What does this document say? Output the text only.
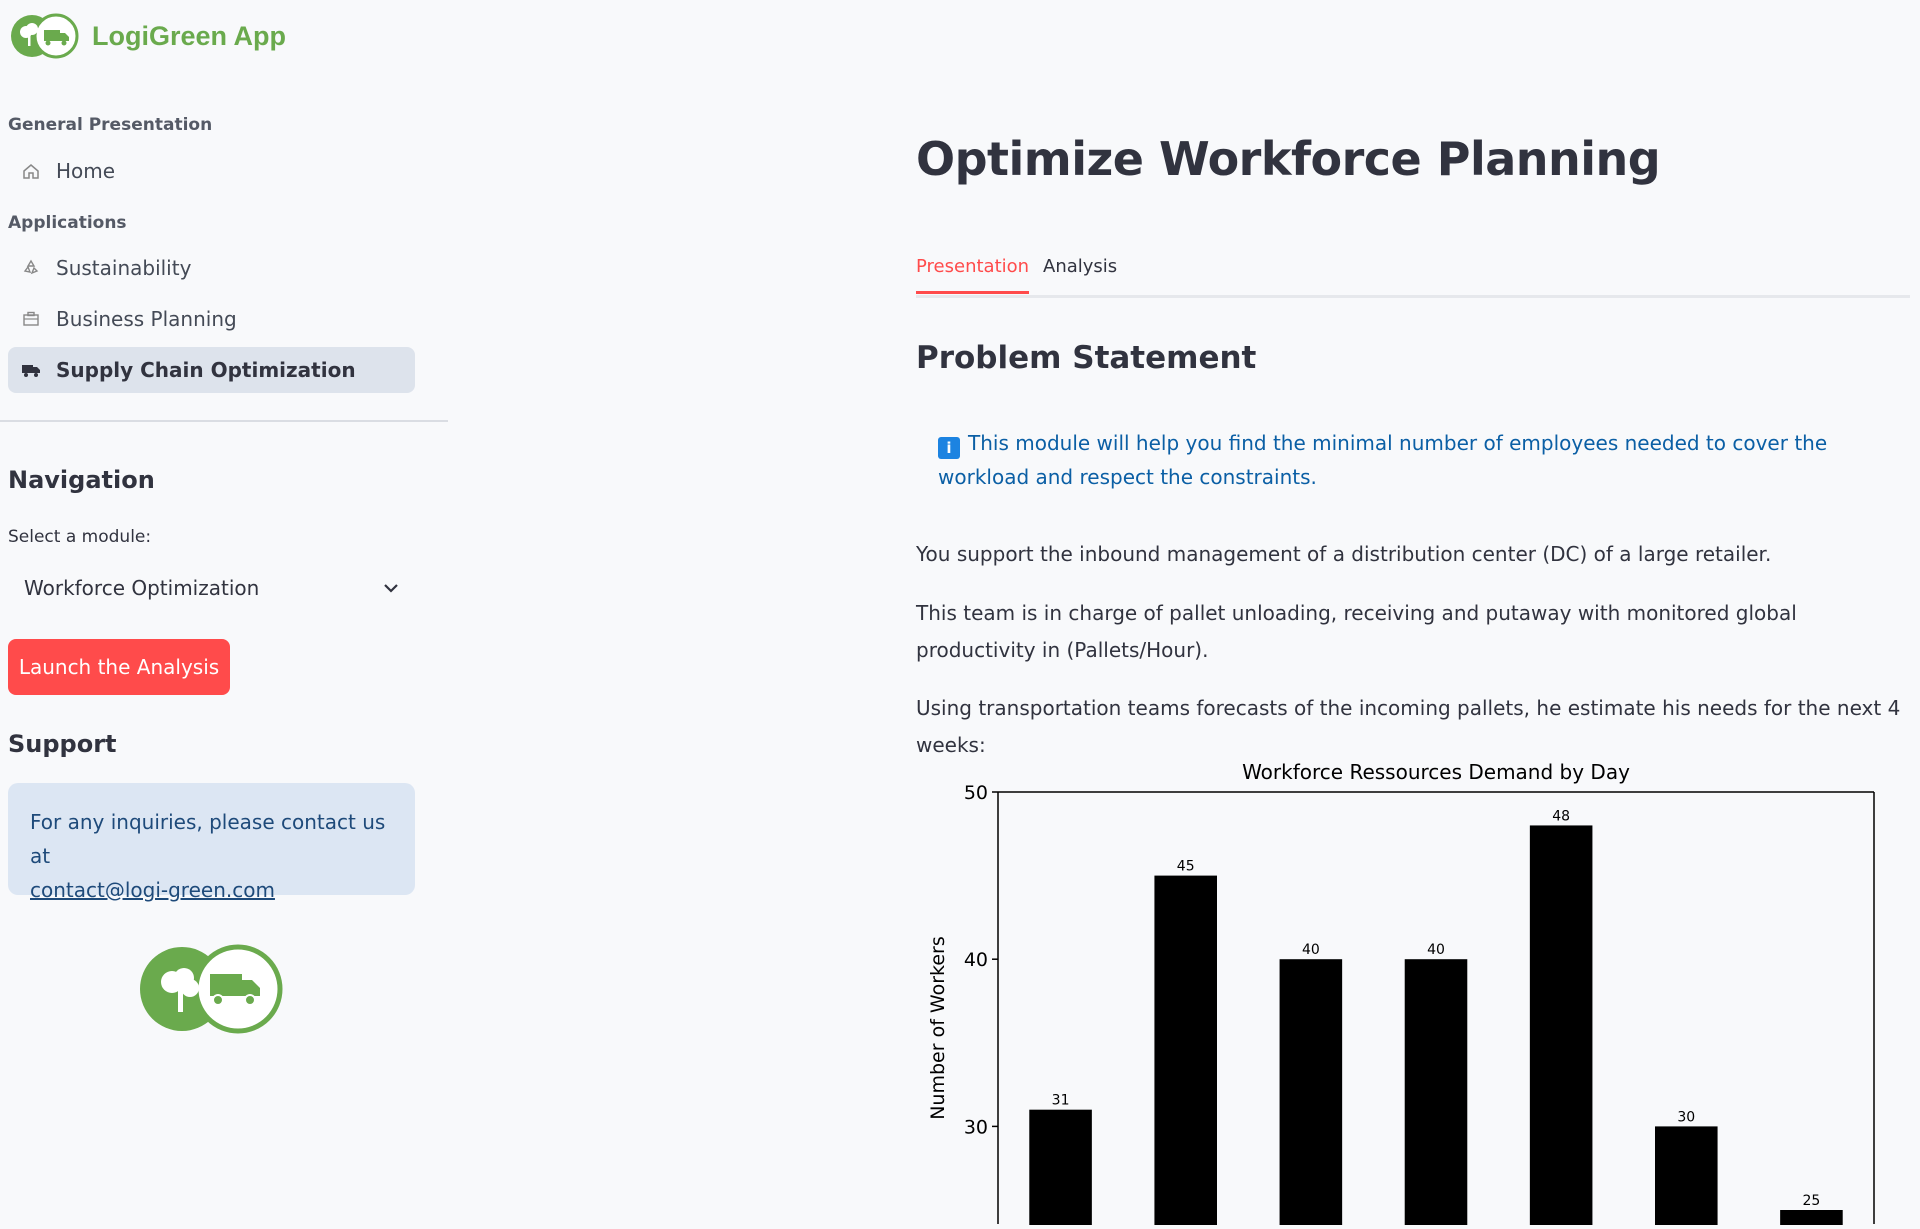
LogiGreen App
General Presentation
Home
Applications
Sustainability
Business Planning
Supply Chain Optimization
Navigation
Select a module:
Workforce Optimization
Launch the Analysis
Support
For any inquiries, please contact us at
contact@logi-green.com
Optimize Workforce Planning
Presentation Analysis
Problem Statement
i This module will help you find the minimal number of employees needed to cover the workload and respect the constraints.

You support the inbound management of a distribution center (DC) of a large retailer.

This team is in charge of pallet unloading, receiving and putaway with monitored global productivity in (Pallets/Hour).

Using transportation teams forecasts of the incoming pallets, he estimate his needs for the next 4 weeks:

Workforce Ressources Demand by Day
30
40
50
Number of Workers	31
45
40	40
48
30
25
